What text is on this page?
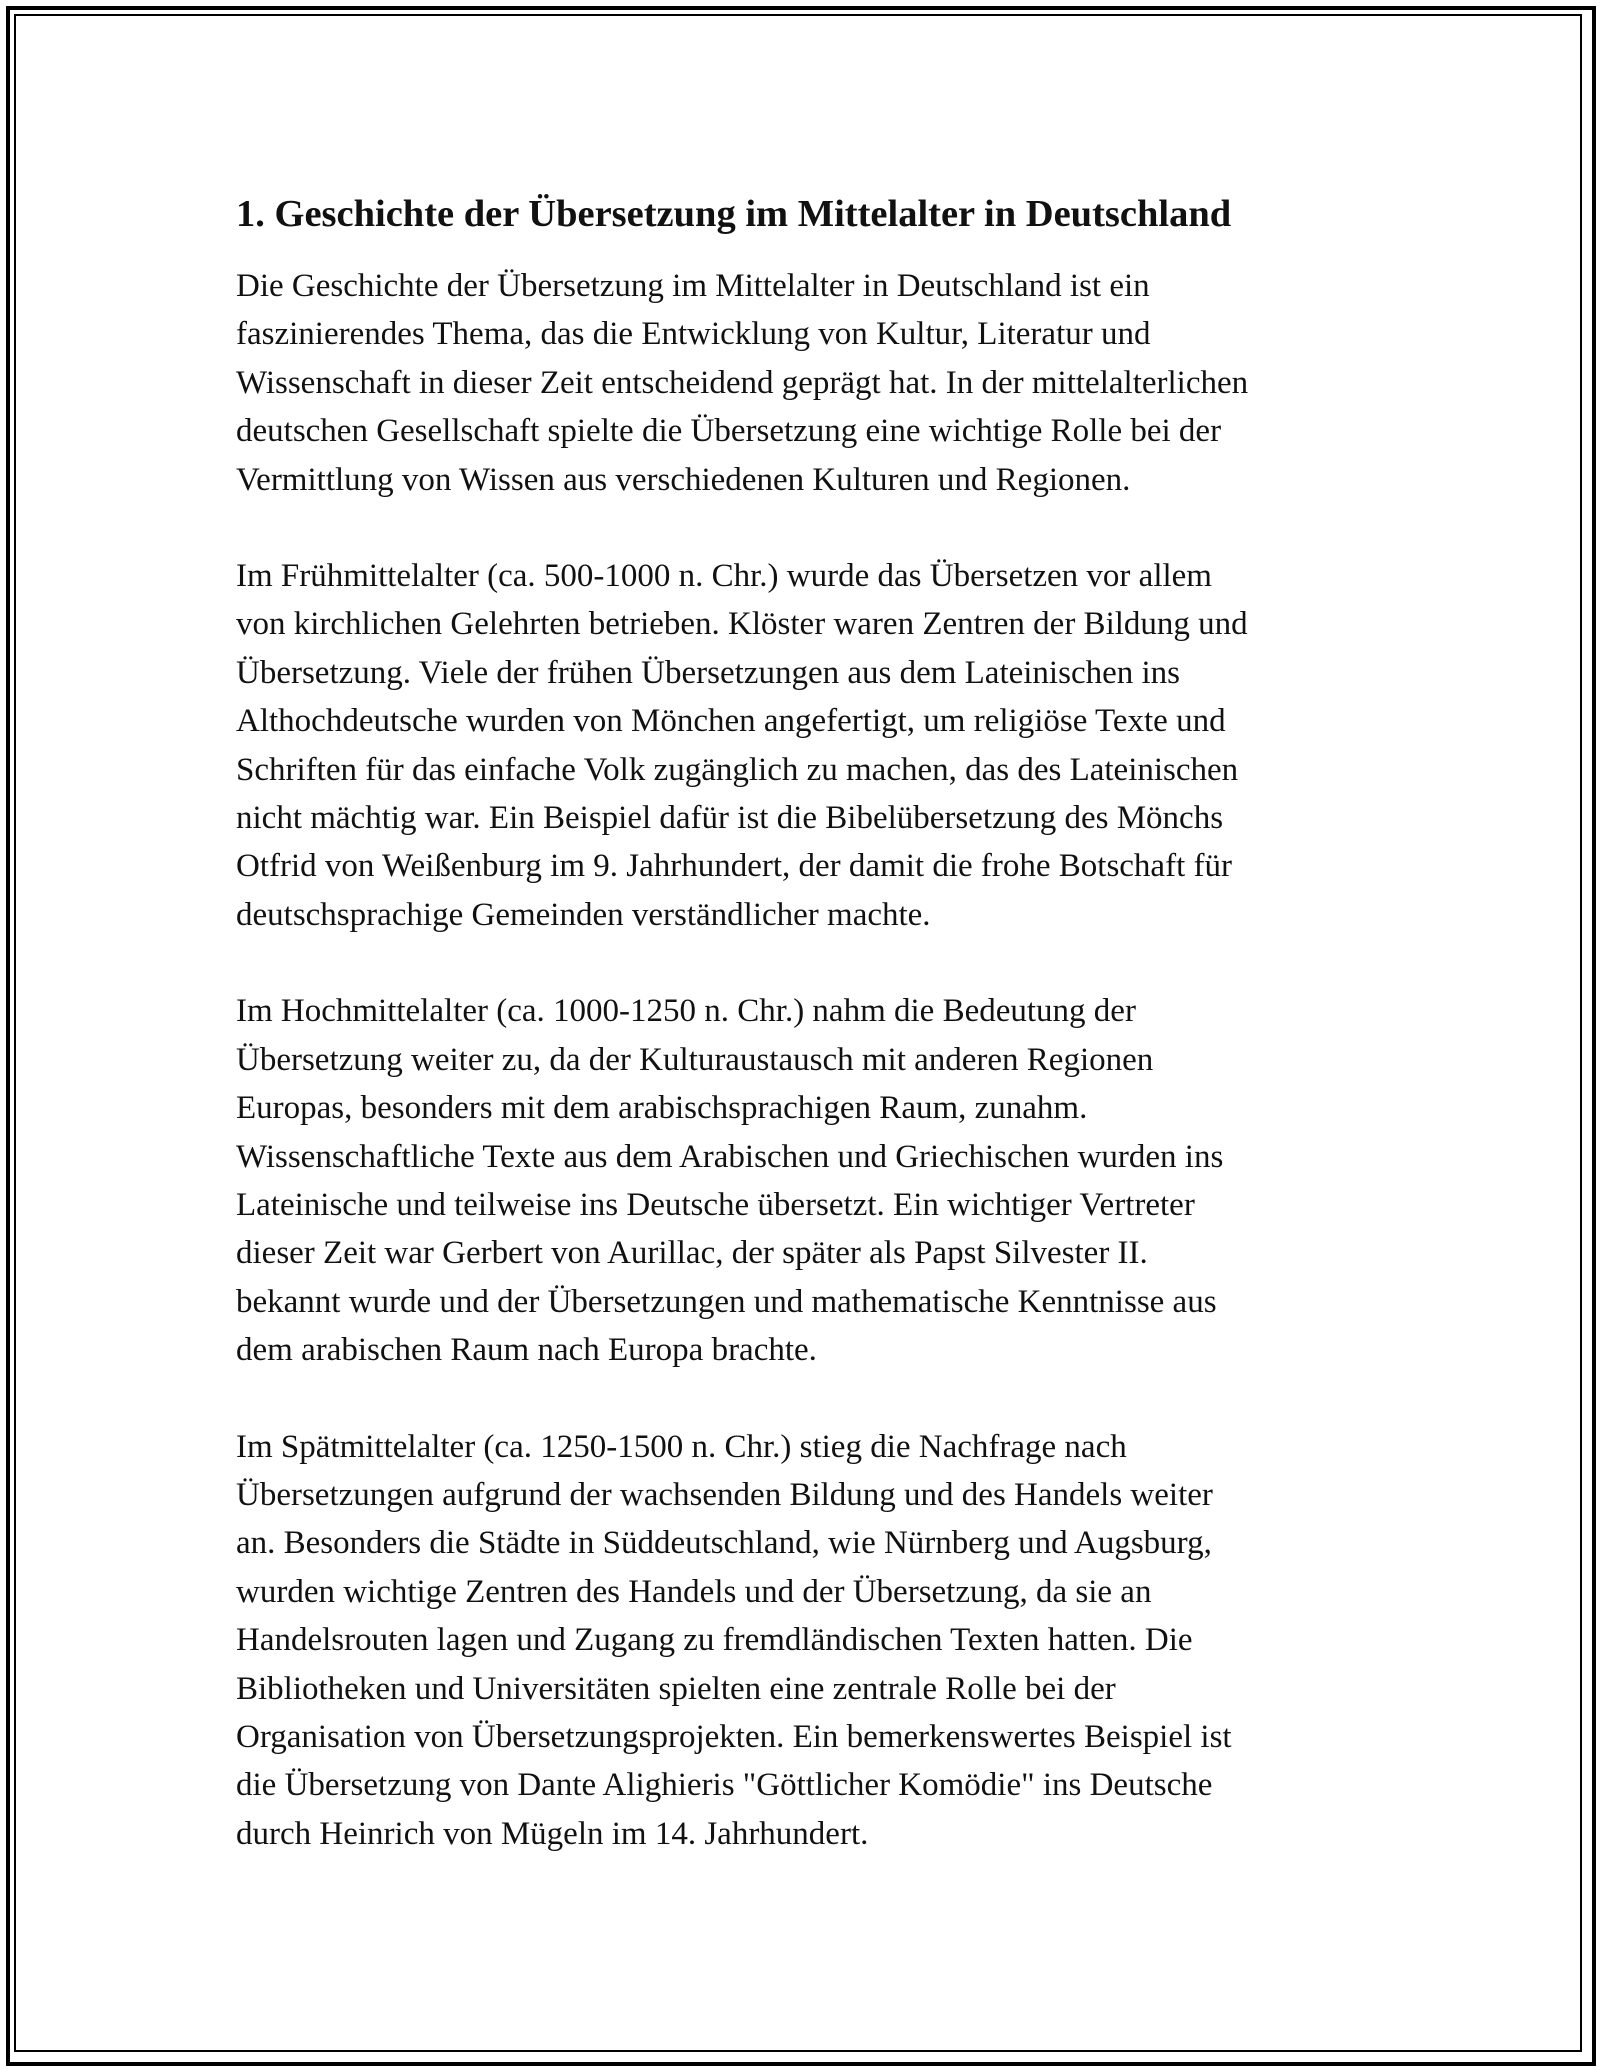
1. Geschichte der Übersetzung im Mittelalter in Deutschland

Die Geschichte der Übersetzung im Mittelalter in Deutschland ist ein
faszinierendes Thema, das die Entwicklung von Kultur, Literatur und
Wissenschaft in dieser Zeit entscheidend geprägt hat. In der mittelalterlichen
deutschen Gesellschaft spielte die Übersetzung eine wichtige Rolle bei der
Vermittlung von Wissen aus verschiedenen Kulturen und Regionen.

Im Frühmittelalter (ca. 500-1000 n. Chr.) wurde das Übersetzen vor allem
von kirchlichen Gelehrten betrieben. Klöster waren Zentren der Bildung und
Übersetzung. Viele der frühen Übersetzungen aus dem Lateinischen ins
Althochdeutsche wurden von Mönchen angefertigt, um religiöse Texte und
Schriften für das einfache Volk zugänglich zu machen, das des Lateinischen
nicht mächtig war. Ein Beispiel dafür ist die Bibelübersetzung des Mönchs
Otfrid von Weißenburg im 9. Jahrhundert, der damit die frohe Botschaft für
deutschsprachige Gemeinden verständlicher machte.

Im Hochmittelalter (ca. 1000-1250 n. Chr.) nahm die Bedeutung der
Übersetzung weiter zu, da der Kulturaustausch mit anderen Regionen
Europas, besonders mit dem arabischsprachigen Raum, zunahm.
Wissenschaftliche Texte aus dem Arabischen und Griechischen wurden ins
Lateinische und teilweise ins Deutsche übersetzt. Ein wichtiger Vertreter
dieser Zeit war Gerbert von Aurillac, der später als Papst Silvester II.
bekannt wurde und der Übersetzungen und mathematische Kenntnisse aus
dem arabischen Raum nach Europa brachte.

Im Spätmittelalter (ca. 1250-1500 n. Chr.) stieg die Nachfrage nach
Übersetzungen aufgrund der wachsenden Bildung und des Handels weiter
an. Besonders die Städte in Süddeutschland, wie Nürnberg und Augsburg,
wurden wichtige Zentren des Handels und der Übersetzung, da sie an
Handelsrouten lagen und Zugang zu fremdländischen Texten hatten. Die
Bibliotheken und Universitäten spielten eine zentrale Rolle bei der
Organisation von Übersetzungsprojekten. Ein bemerkenswertes Beispiel ist
die Übersetzung von Dante Alighieris "Göttlicher Komödie" ins Deutsche
durch Heinrich von Mügeln im 14. Jahrhundert.
